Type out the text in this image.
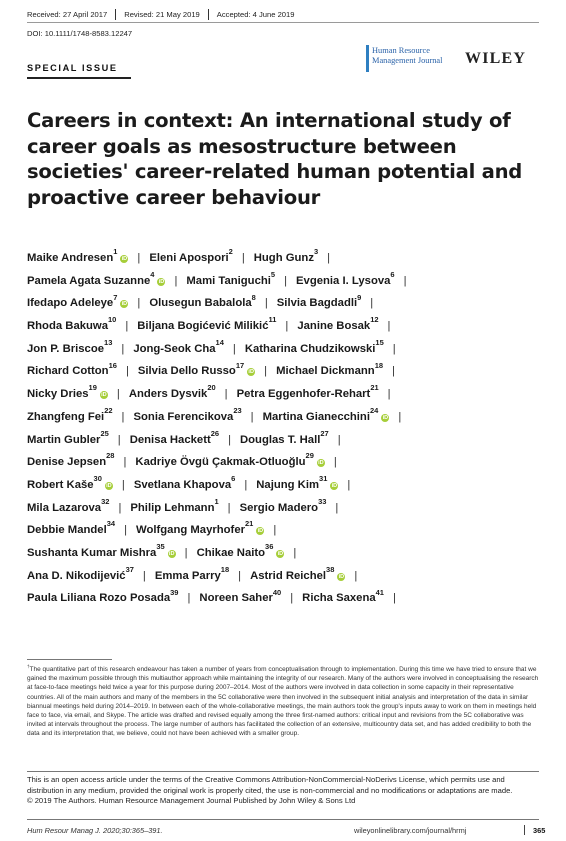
Received: 27 April 2017 Revised: 21 May 2019 Accepted: 4 June 2019
DOI: 10.1111/1748-8583.12247
SPECIAL ISSUE
Human Resource
Management Journal WILEY
Careers in context: An international study of career goals as mesostructure between societies' career-related human potential and proactive career behaviour
Maike Andresen$^1$iD | Eleni Apospori$^2$| Hugh Gunz$^3$|
Pamela Agata Suzanne$^4$iD | Mami Taniguchi$^5$| Evgenia I. Lysova$^6$|
Ifedapo Adeleye$^7$iD | Olusegun Babalola$^8$| Silvia Bagdadli$^9$|
Rhoda Bakuwa$^{10}$| Biljana Bogićević Milikić$^{11}$| Janine Bosak$^{12}$|
Jon P. Briscoe$^{13}$| Jong-Seok Cha$^{14}$| Katharina Chudzikowski$^{15}$|
Richard Cotton$^{16}$| Silvia Dello Russo$^{17}$iD | Michael Dickmann$^{18}$|
Nicky Dries$^{19}$iD | Anders Dysvik$^{20}$| Petra Eggenhofer-Rehart$^{21}$|
Zhangfeng Fei$^{22}$| Sonia Ferencikova$^{23}$| Martina Gianecchini$^{24}$iD |
Martin Gubler$^{25}$| Denisa Hackett$^{26}$| Douglas T. Hall$^{27}$|
Denise Jepsen$^{28}$| Kadriye Övgü Çakmak-Otluoğlu$^{29}$iD |
Robert Kaše$^{30}$iD | Svetlana Khapova$^6$| Najung Kim$^{31}$iD |
Mila Lazarova$^{32}$| Philip Lehmann$^1$| Sergio Madero$^{33}$|
Debbie Mandel$^{34}$| Wolfgang Mayrhofer$^{21}$iD |
Sushanta Kumar Mishra$^{35}$iD | Chikae Naito$^{36}$iD |
Ana D. Nikodijević$^{37}$| Emma Parry$^{18}$| Astrid Reichel$^{38}$iD |
Paula Liliana Rozo Posada$^{39}$| Noreen Saher$^{40}$| Richa Saxena$^{41}$|
†The quantitative part of this research endeavour has taken a number of years from conceptualisation through to implementation. During this time we have tried to ensure that we gained the maximum possible through this multiauthor approach while maintaining the integrity of our research. Many of the authors were involved in conceptualising the research at face-to-face meetings held twice a year for this purpose during 2007–2014. Most of the authors were involved in data collection in some capacity in their representative countries. All of the main authors and many of the members in the 5C collaborative were then involved in the subsequent initial analysis and interpretation of the data in similar biannual meetings held during 2014–2019. In between each of the whole-collaborative meetings, the main authors took the group's inputs away to work on them in meetings held face to face, via email, and Skype. The article was drafted and revised equally among the three first-named authors: critical input and revisions from the 5C collaborative was invited at intervals throughout the process. The large number of authors has facilitated the collection of an extensive, multicountry data set, and has added credibility to both the data and its interpretation that, we believe, could not have been achieved with a smaller group.
This is an open access article under the terms of the Creative Commons Attribution-NonCommercial-NoDerivs License, which permits use and distribution in any medium, provided the original work is properly cited, the use is non-commercial and no modifications or adaptations are made.
© 2019 The Authors. Human Resource Management Journal Published by John Wiley & Sons Ltd
Hum Resour Manag J. 2020;30:365–391.	wileyonlinelibrary.com/journal/hrmj	365
